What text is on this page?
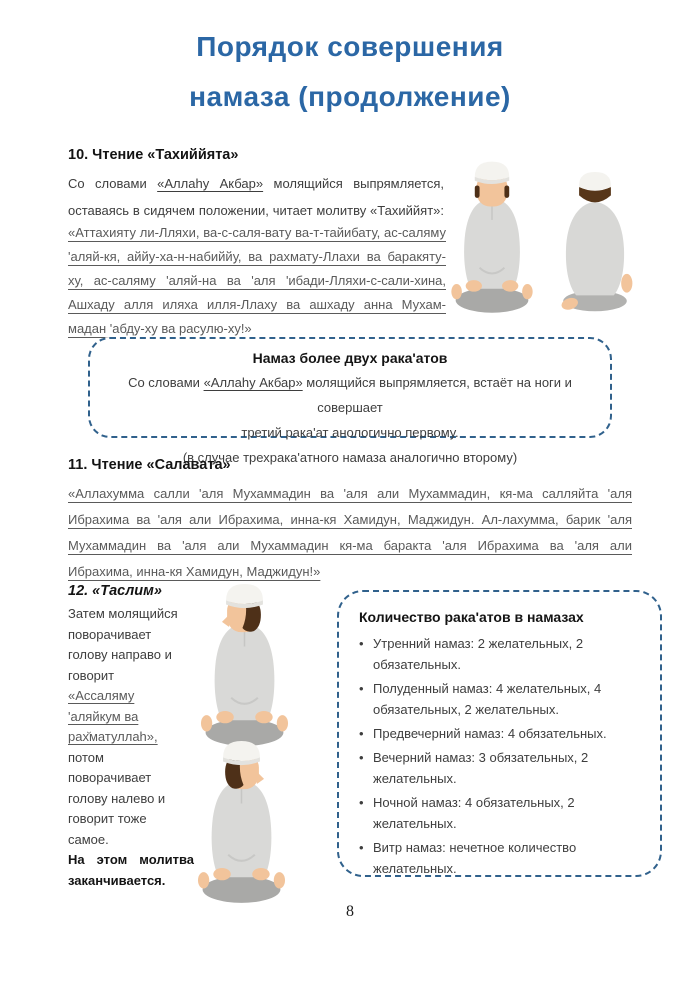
Порядок совершения
намаза (продолжение)
10. Чтение «Тахиййята»
Со словами «Аллаhу Акбар» молящийся выпрямляется,
оставаясь в сидячем положении, читает молитву «Тахиййят»:
«Аттахияту ли-Лляхи, ва-с-саля-вату ва-т-тайибату, ас-саляму
'аляй-кя, аййу-ха-н-набиййу, ва рахмату-Ллахи ва баракяту-
ху, ас-саляму 'аляй-на ва 'аля 'ибади-Лляхи-с-сали-хина,
Ашхаду алля иляха илля-Ллаху ва ашхаду анна Мухам-
мадан 'абду-ху ва расулю-ху!»
Намаз более двух рака'атов
Со словами «Аллаhу Акбар» молящийся выпрямляется, встаёт на ноги и совершает
третий рака'ат анологично первому.
(в случае трехрака'атного намаза аналогично второму)
11. Чтение «Салавата»
«Аллахумма салли 'аля Мухаммадин ва 'аля али Мухаммадин, кя-ма салляйта 'аля
Ибрахима ва 'аля али Ибрахима, инна-кя Хамидун, Маджидун. Ал-лахумма, барик 'аля
Мухаммадин ва 'аля али Мухаммадин кя-ма баракта 'аля Ибрахима ва 'аля али
Ибрахима, инна-кя Хамидун, Маджидун!»
12. «Таслим»
Затем молящийся
поворачивает
голову направо и
говорит
«Ассаляму
'аляйкум ва
рах̆матуллаh»,
потом
поворачивает
голову налево и
говорит тоже
самое.
На этом молитва
заканчивается.
Количество рака'атов в намазах
• Утренний намаз: 2 желательных, 2 обязательных.
• Полуденный намаз: 4 желательных, 4 обязательных, 2 желательных.
• Предвечерний намаз: 4 обязательных.
• Вечерний намаз: 3 обязательных, 2 желательных.
• Ночной намаз: 4 обязательных, 2 желательных.
• Витр намаз: нечетное количество желательных.
8
